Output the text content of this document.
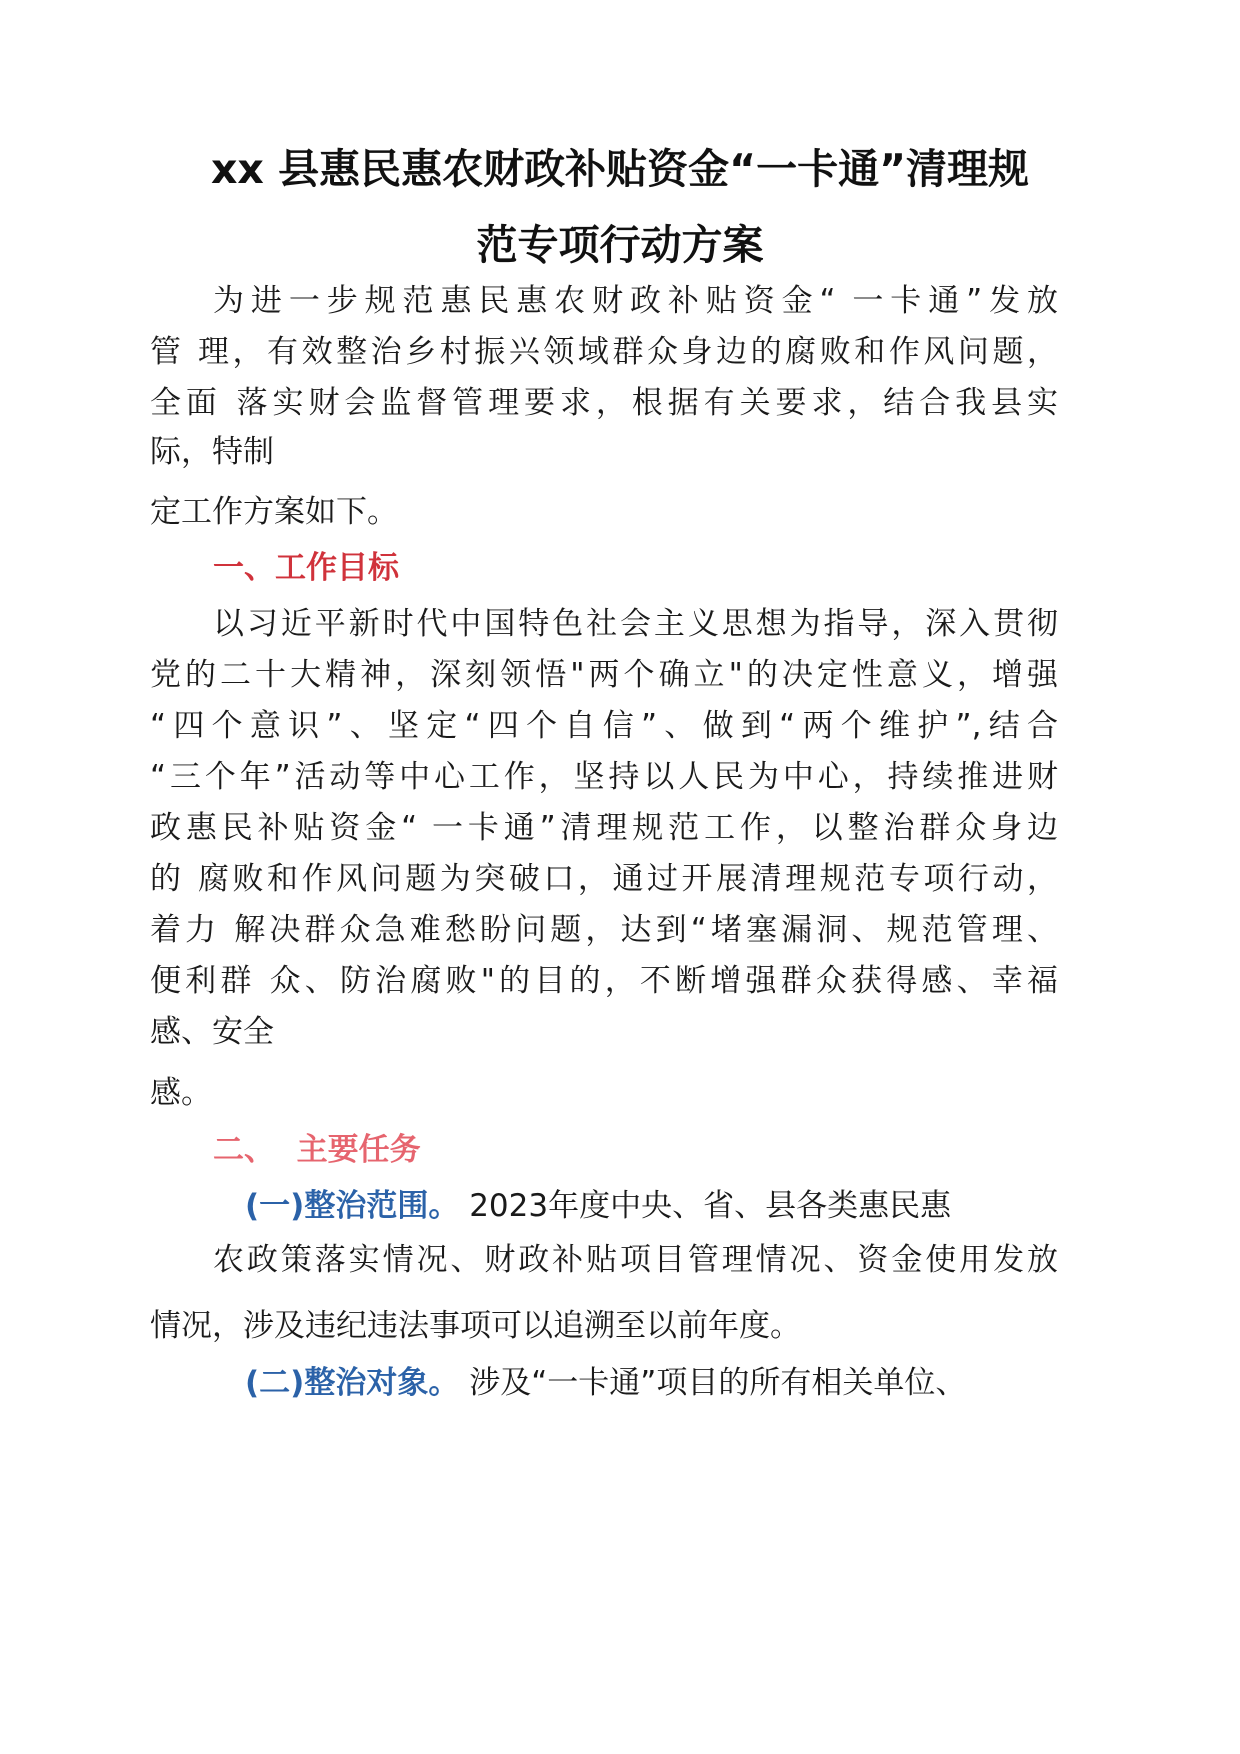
xx 县惠民惠农财政补贴资金“一卡通”清理规
范专项行动方案
为进一步规范惠民惠农财政补贴资金“ 一卡通”发放
管 理，有效整治乡村振兴领域群众身边的腐败和作风问题，
全面 落实财会监督管理要求，根据有关要求，结合我县实
际，特制
定工作方案如下。
一、工作目标
以习近平新时代中国特色社会主义思想为指导，深入贯彻
党的二十大精神，深刻领悟"两个确立"的决定性意义，增强
“四个意识”、坚定“四个自信”、做到“两个维护”,结合
“三个年”活动等中心工作，坚持以人民为中心，持续推进财
政惠民补贴资金“ 一卡通”清理规范工作，以整治群众身边
的 腐败和作风问题为突破口，通过开展清理规范专项行动，
着力 解决群众急难愁盼问题，达到“堵塞漏洞、规范管理、
便利群 众、防治腐败"的目的，不断增强群众获得感、幸福
感、安全
感。
二、  主要任务
(一)整治范围。 2023年度中央、省、县各类惠民惠
农政策落实情况、财政补贴项目管理情况、资金使用发放
情况，涉及违纪违法事项可以追溯至以前年度。
(二)整治对象。 涉及“一卡通”项目的所有相关单位、
